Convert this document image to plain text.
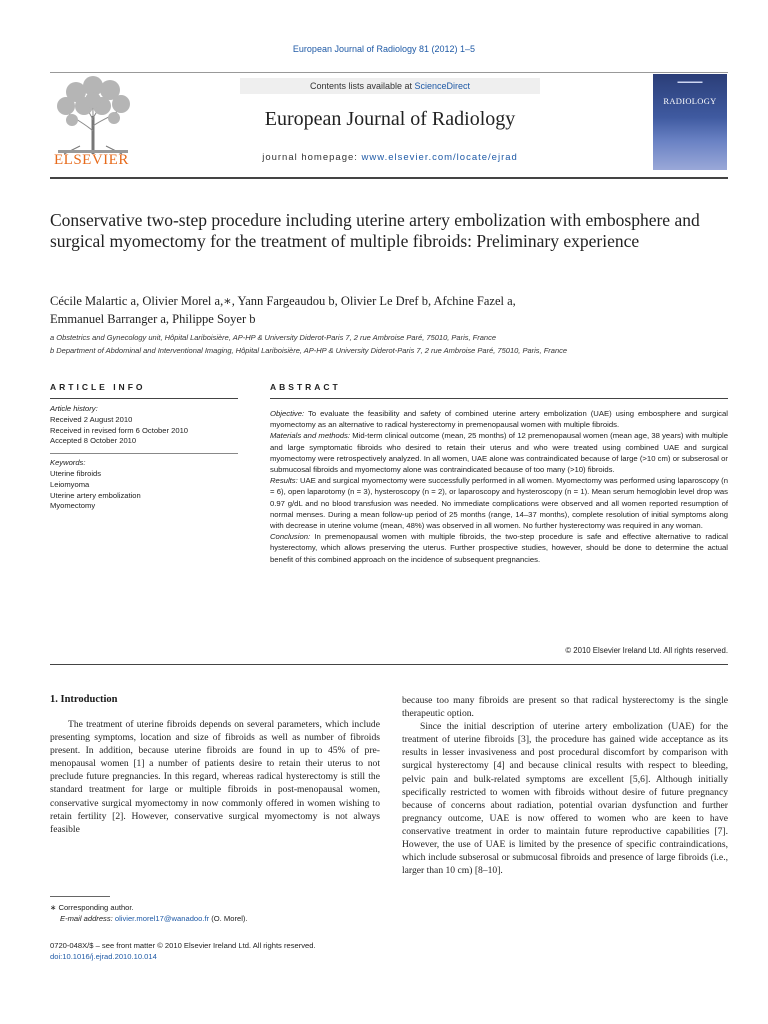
European Journal of Radiology 81 (2012) 1–5
ELSEVIER
Contents lists available at ScienceDirect
European Journal of Radiology
journal homepage: www.elsevier.com/locate/ejrad
▬▬▬▬▬
RADIOLOGY
Conservative two-step procedure including uterine artery embolization with embosphere and surgical myomectomy for the treatment of multiple fibroids: Preliminary experience
Cécile Malartic a, Olivier Morel a,∗, Yann Fargeaudou b, Olivier Le Dref b, Afchine Fazel a,
Emmanuel Barranger a, Philippe Soyer b
a Obstetrics and Gynecology unit, Hôpital Lariboisière, AP-HP & University Diderot-Paris 7, 2 rue Ambroise Paré, 75010, Paris, France
b Department of Abdominal and Interventional Imaging, Hôpital Lariboisière, AP-HP & University Diderot-Paris 7, 2 rue Ambroise Paré, 75010, Paris, France
ARTICLE INFO	ABSTRACT
Article history:
Received 2 August 2010
Received in revised form 6 October 2010
Accepted 8 October 2010
Keywords:
Uterine fibroids
Leiomyoma
Uterine artery embolization
Myomectomy
Objective: To evaluate the feasibility and safety of combined uterine artery embolization (UAE) using embosphere and surgical myomectomy as an alternative to radical hysterectomy in premenopausal women with multiple fibroids.
Materials and methods: Mid-term clinical outcome (mean, 25 months) of 12 premenopausal women (mean age, 38 years) with multiple and large symptomatic fibroids who desired to retain their uterus and who were treated using combined UAE and surgical myomectomy were retrospectively analyzed. In all women, UAE alone was contraindicated because of large (>10 cm) or subserosal or submucosal fibroids and myomectomy alone was contraindicated because of too many (>10) fibroids.
Results: UAE and surgical myomectomy were successfully performed in all women. Myomectomy was performed using laparoscopy (n = 6), open laparotomy (n = 3), hysteroscopy (n = 2), or laparoscopy and hysteroscopy (n = 1). Mean serum hemoglobin level drop was 0.97 g/dL and no blood transfusion was needed. No immediate complications were observed and all women reported resumption of normal menses. During a mean follow-up period of 25 months (range, 14–37 months), complete resolution of initial symptoms along with decrease in uterine volume (mean, 48%) was observed in all women. No further hysterectomy was required in any woman.
Conclusion: In premenopausal women with multiple fibroids, the two-step procedure is safe and effective alternative to radical hysterectomy, which allows preserving the uterus. Further prospective studies, however, should be done to determine the actual benefit of this combined approach on the incidence of subsequent pregnancies.
© 2010 Elsevier Ireland Ltd. All rights reserved.
1. Introduction

The treatment of uterine fibroids depends on several parameters, which include presenting symptoms, location and size of fibroids as well as number of fibroids present. In addition, because uterine fibroids are found in up to 45% of pre-menopausal women [1] a number of patients desire to retain their uterus to not preclude future pregnancies. In this regard, whereas radical hysterectomy is still the standard treatment for large or multiple fibroids in post-menopausal women, conservative surgical myomectomy in now commonly offered in women wishing to retain fertility [2]. However, conservative surgical myomectomy is not always feasible

because too many fibroids are present so that radical hysterectomy is the single therapeutic option.

Since the initial description of uterine artery embolization (UAE) for the treatment of uterine fibroids [3], the procedure has gained wide acceptance as its results in lesser invasiveness and post procedural discomfort by comparison with surgical hysterectomy [4] and because clinical results with respect to bleeding, pelvic pain and bulk-related symptoms are excellent [5,6]. Although initially specifically restricted to women with fibroids without desire of future pregnancy because of concerns about radiation, potential ovarian dysfunction and further pregnancy outcome, UAE is now offered to women who are keen to have conservative treatment in order to maintain future reproductive capabilities [7]. However, the use of UAE is limited by the presence of specific contraindications, which include subserosal or submucosal fibroids and presence of large fibroids (i.e., larger than 10 cm) [8–10].

∗ Corresponding author.
E-mail address: olivier.morel17@wanadoo.fr (O. Morel).
0720-048X/$ – see front matter © 2010 Elsevier Ireland Ltd. All rights reserved.
doi:10.1016/j.ejrad.2010.10.014
